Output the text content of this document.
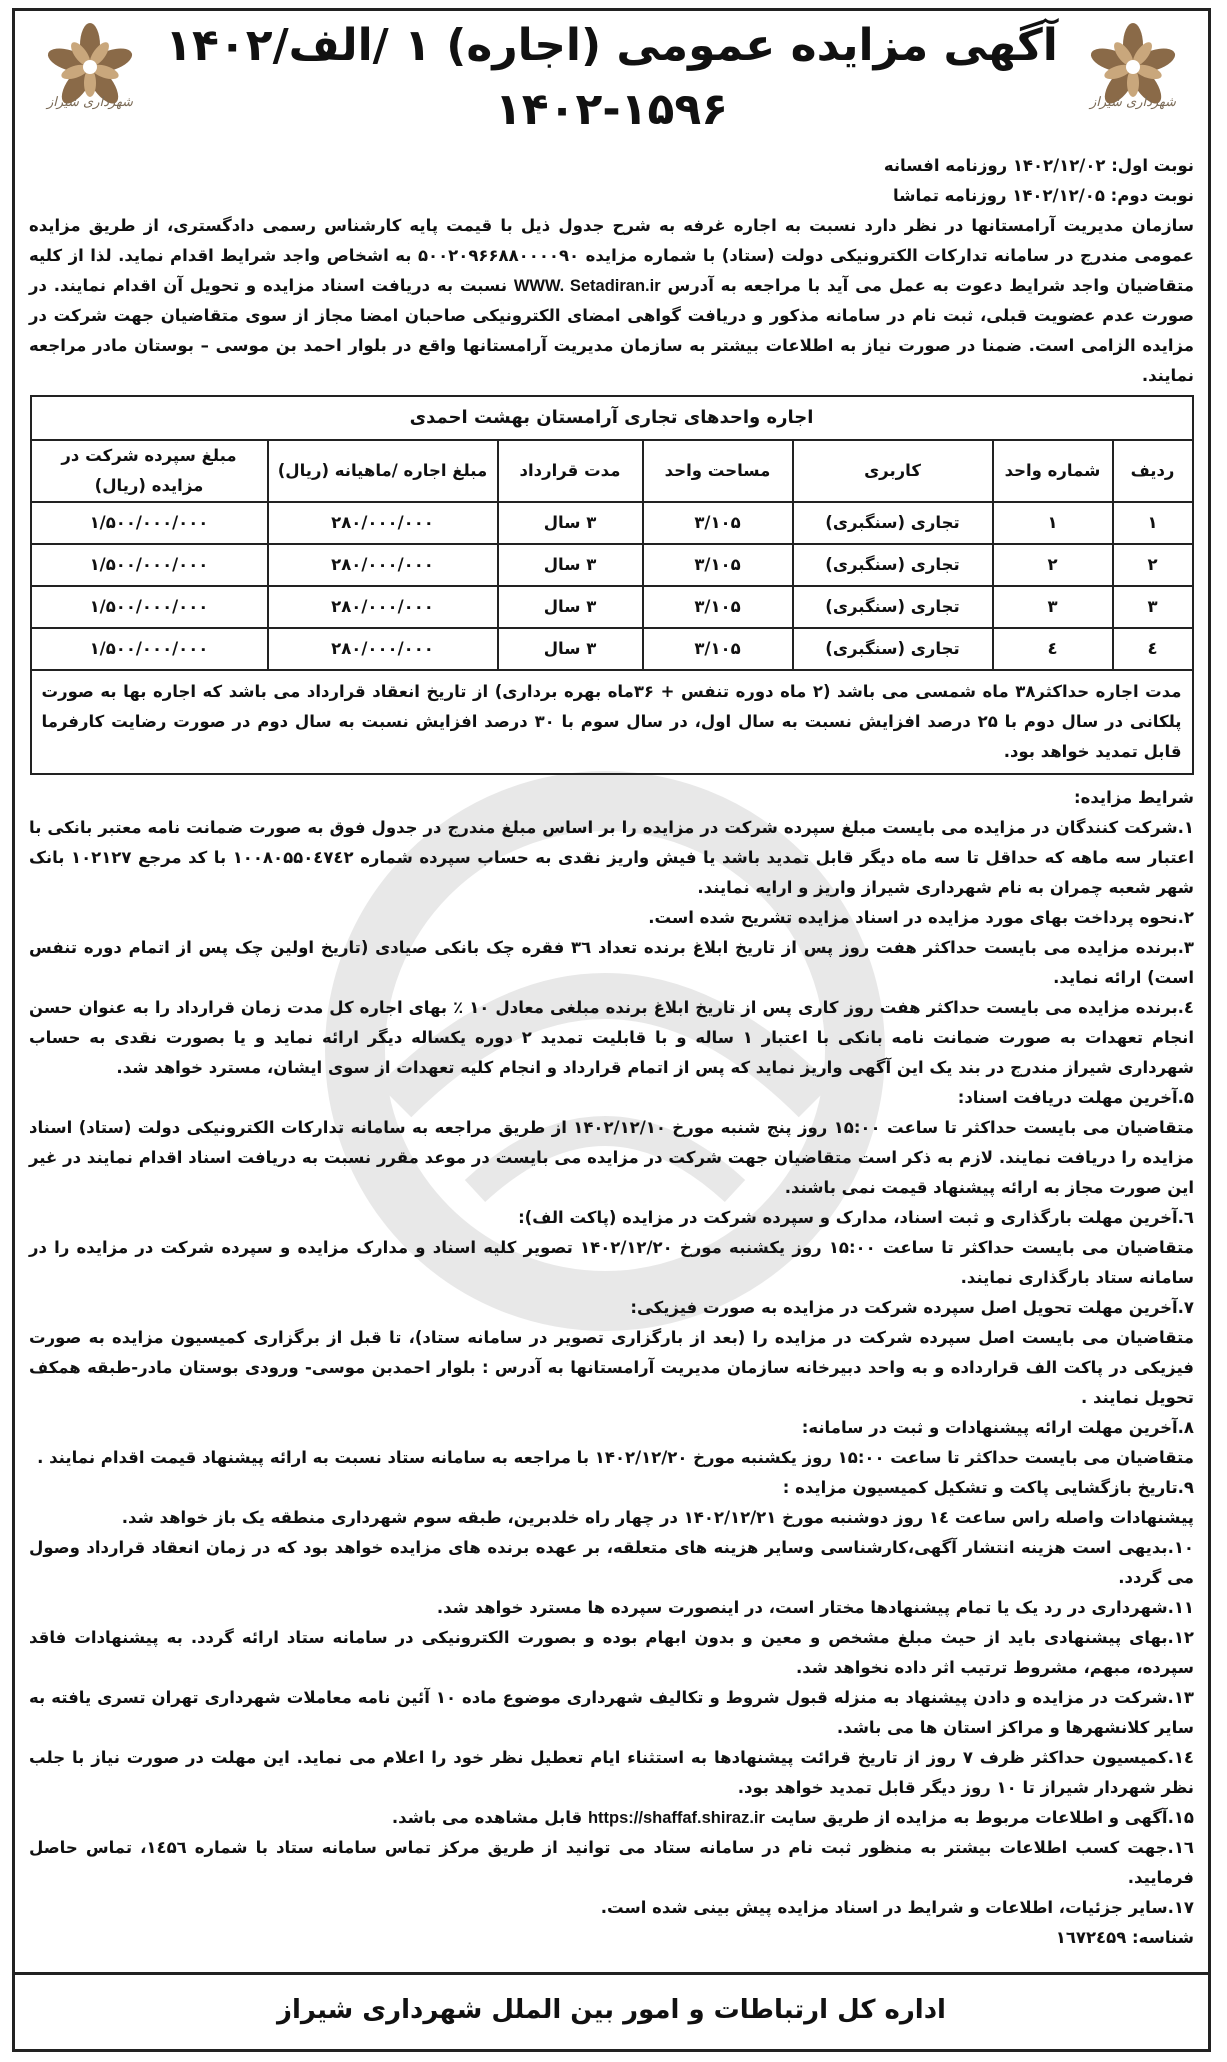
شهرداری شیراز
شهرداری شیراز
آگهی مزایده عمومی (اجاره) ۱ /الف/۱۴۰۲
۱۴۰۲-۱۵۹۶

نوبت اول: ۱۴۰۲/۱۲/۰۲ روزنامه افسانه

نوبت دوم: ۱۴۰۲/۱۲/۰۵ روزنامه تماشا

سازمان مدیریت آرامستانها در نظر دارد نسبت به اجاره غرفه به شرح جدول ذیل با قیمت پایه کارشناس رسمی دادگستری، از طریق مزایده عمومی مندرج در سامانه تدارکات الکترونیکی دولت (ستاد) با شماره مزایده ۵۰۰۲۰۹۶۶۸۸۰۰۰۰۹۰ به اشخاص واجد شرایط اقدام نماید. لذا از کلیه متقاضیان واجد شرایط دعوت به عمل می آید با مراجعه به آدرس WWW. Setadiran.ir نسبت به دریافت اسناد مزایده و تحویل آن اقدام نمایند. در صورت عدم عضویت قبلی، ثبت نام در سامانه مذکور و دریافت گواهی امضای الکترونیکی صاحبان امضا مجاز از سوی متقاضیان جهت شرکت در مزایده الزامی است. ضمنا در صورت نیاز به اطلاعات بیشتر به سازمان مدیریت آرامستانها واقع در بلوار احمد بن موسی – بوستان مادر مراجعه نمایند.

اجاره واحدهای تجاری آرامستان بهشت احمدی
ردیف	شماره واحد	کاربری	مساحت واحد	مدت قرارداد	مبلغ اجاره /ماهیانه (ریال)	مبلغ سپرده شرکت در مزایده (ریال)
۱	۱	تجاری (سنگبری)	۳/۱۰۵	۳ سال	۲۸۰/۰۰۰/۰۰۰	۱/۵۰۰/۰۰۰/۰۰۰
۲	۲	تجاری (سنگبری)	۳/۱۰۵	۳ سال	۲۸۰/۰۰۰/۰۰۰	۱/۵۰۰/۰۰۰/۰۰۰
۳	۳	تجاری (سنگبری)	۳/۱۰۵	۳ سال	۲۸۰/۰۰۰/۰۰۰	۱/۵۰۰/۰۰۰/۰۰۰
٤	٤	تجاری (سنگبری)	۳/۱۰۵	۳ سال	۲۸۰/۰۰۰/۰۰۰	۱/۵۰۰/۰۰۰/۰۰۰
مدت اجاره حداکثر۳۸ ماه شمسی می باشد (۲ ماه دوره تنفس + ۳۶ماه بهره برداری) از تاریخ انعقاد قرارداد می باشد که اجاره بها به صورت پلکانی در سال دوم با ۲۵ درصد افزایش نسبت به سال اول، در سال سوم با ۳۰ درصد افزایش نسبت به سال دوم در صورت رضایت کارفرما قابل تمدید خواهد بود.						

شرایط مزایده:

۱.شرکت کنندگان در مزایده می بایست مبلغ سپرده شرکت در مزایده را بر اساس مبلغ مندرج در جدول فوق به صورت ضمانت نامه معتبر بانکی با اعتبار سه ماهه که حداقل تا سه ماه دیگر قابل تمدید باشد یا فیش واریز نقدی به حساب سپرده شماره ۱۰۰۸۰۵۵۰٤۷٤۲ با کد مرجع ۱۰۲۱۲۷ بانک شهر شعبه چمران به نام شهرداری شیراز واریز و ارایه نمایند.

۲.نحوه پرداخت بهای مورد مزایده در اسناد مزایده تشریح شده است.

۳.برنده مزایده می بایست حداکثر هفت روز پس از تاریخ ابلاغ برنده تعداد ۳٦ فقره چک بانکی صیادی (تاریخ اولین چک پس از اتمام دوره تنفس است) ارائه نماید.

٤.برنده مزایده می بایست حداکثر هفت روز کاری پس از تاریخ ابلاغ برنده مبلغی معادل ۱۰ ٪ بهای اجاره کل مدت زمان قرارداد را به عنوان حسن انجام تعهدات به صورت ضمانت نامه بانکی با اعتبار ۱ ساله و با قابلیت تمدید ۲ دوره یکساله دیگر ارائه نماید و یا بصورت نقدی به حساب شهرداری شیراز مندرج در بند یک این آگهی واریز نماید که پس از اتمام قرارداد و انجام کلیه تعهدات از سوی ایشان، مسترد خواهد شد.

۵.آخرین مهلت دریافت اسناد:

متقاضیان می بایست حداکثر تا ساعت ۱۵:۰۰ روز پنج شنبه مورخ ۱۴۰۲/۱۲/۱۰ از طریق مراجعه به سامانه تدارکات الکترونیکی دولت (ستاد) اسناد مزایده را دریافت نمایند. لازم به ذکر است متقاضیان جهت شرکت در مزایده می بایست در موعد مقرر نسبت به دریافت اسناد اقدام نمایند در غیر این صورت مجاز به ارائه پیشنهاد قیمت نمی باشند.

٦.آخرین مهلت بارگذاری و ثبت اسناد، مدارک و سپرده شرکت در مزایده (پاکت الف):

متقاضیان می بایست حداکثر تا ساعت ۱۵:۰۰ روز یکشنبه مورخ ۱۴۰۲/۱۲/۲۰ تصویر کلیه اسناد و مدارک مزایده و سپرده شرکت در مزایده را در سامانه ستاد بارگذاری نمایند.

۷.آخرین مهلت تحویل اصل سپرده شرکت در مزایده به صورت فیزیکی:

متقاضیان می بایست اصل سپرده شرکت در مزایده را (بعد از بارگزاری تصویر در سامانه ستاد)، تا قبل از برگزاری کمیسیون مزایده به صورت فیزیکی در پاکت الف قرارداده و به واحد دبیرخانه سازمان مدیریت آرامستانها به آدرس : بلوار احمدبن موسی- ورودی بوستان مادر-طبقه همکف تحویل نمایند .

۸.آخرین مهلت ارائه پیشنهادات و ثبت در سامانه:

متقاضیان می بایست حداکثر تا ساعت ۱۵:۰۰ روز یکشنبه مورخ ۱۴۰۲/۱۲/۲۰ با مراجعه به سامانه ستاد نسبت به ارائه پیشنهاد قیمت اقدام نمایند .

۹.تاریخ بازگشایی پاکت و تشکیل کمیسیون مزایده :

پیشنهادات واصله راس ساعت ۱٤ روز دوشنبه مورخ ۱۴۰۲/۱۲/۲۱ در چهار راه خلدبرین، طبقه سوم شهرداری منطقه یک باز خواهد شد.

۱۰.بدیهی است هزینه انتشار آگهی،کارشناسی وسایر هزینه های متعلقه، بر عهده برنده های مزایده خواهد بود که در زمان انعقاد قرارداد وصول می گردد.

۱۱.شهرداری در رد یک یا تمام پیشنهادها مختار است، در اینصورت سپرده ها مسترد خواهد شد.

۱۲.بهای پیشنهادی باید از حیث مبلغ مشخص و معین و بدون ابهام بوده و بصورت الکترونیکی در سامانه ستاد ارائه گردد. به پیشنهادات فاقد سپرده، مبهم، مشروط ترتیب اثر داده نخواهد شد.

۱۳.شرکت در مزایده و دادن پیشنهاد به منزله قبول شروط و تکالیف شهرداری موضوع ماده ۱۰ آئین نامه معاملات شهرداری تهران تسری یافته به سایر کلانشهرها و مراکز استان ها می باشد.

۱٤.کمیسیون حداکثر ظرف ۷ روز از تاریخ قرائت پیشنهادها به استثناء ایام تعطیل نظر خود را اعلام می نماید. این مهلت در صورت نیاز با جلب نظر شهردار شیراز تا ۱۰ روز دیگر قابل تمدید خواهد بود.

۱۵.آگهی و اطلاعات مربوط به مزایده از طریق سایت https://shaffaf.shiraz.ir قابل مشاهده می باشد.

۱٦.جهت کسب اطلاعات بیشتر به منظور ثبت نام در سامانه ستاد می توانید از طریق مرکز تماس سامانه ستاد با شماره ۱٤۵٦، تماس حاصل فرمایید.

۱۷.سایر جزئیات، اطلاعات و شرایط در اسناد مزایده پیش بینی شده است.

شناسه: ۱٦۷۲٤۵۹

اداره کل ارتباطات و امور بین الملل شهرداری شیراز
